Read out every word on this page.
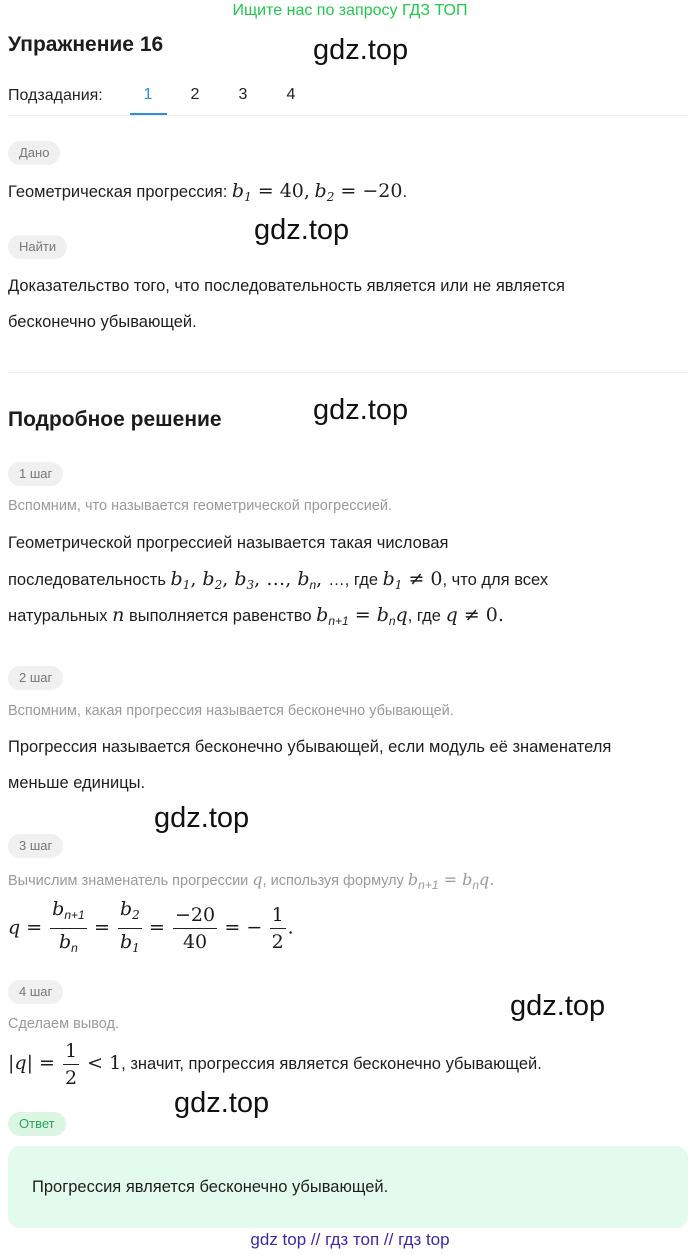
Ищите нас по запросу ГДЗ ТОП
Упражнение 16	gdz.top
Подзадания:	1	2	3	4
Дано
Геометрическая прогрессия: $b_1 = 40$, $b_2 = -20$.
gdz.top
Найти
Доказательство того, что последовательность является или не является
бесконечно убывающей.
Подробное решение	gdz.top
1 шаг
Вспомним, что называется геометрической прогрессией.
Геометрической прогрессией называется такая числовая
последовательность $b_1$, $b_2$, $b_3$, …, $b_n$, …, где $b_1 \ne 0$, что для всех
натуральных n выполняется равенство $b_{n+1} = b_nq$, где q ≠ 0.
2 шаг
Вспомним, какая прогрессия называется бесконечно убывающей.
Прогрессия называется бесконечно убывающей, если модуль её знаменателя
меньше единицы.
gdz.top
3 шаг
Вычислим знаменатель прогрессии q, используя формулу $b_{n+1} = b_nq$.
$q = \frac{b_{n+1}}{b_n} = \frac{b_2}{b_1} = \frac{-20}{40}$ = − $\frac{1}{2}$ .
4 шаг	gdz.top
Сделаем вывод.
$|q| = \frac{1}{2} < 1$, значит, прогрессия является бесконечно убывающей.
gdz.top
Ответ
Прогрессия является бесконечно убывающей.
gdz top // гдз топ // гдз top
